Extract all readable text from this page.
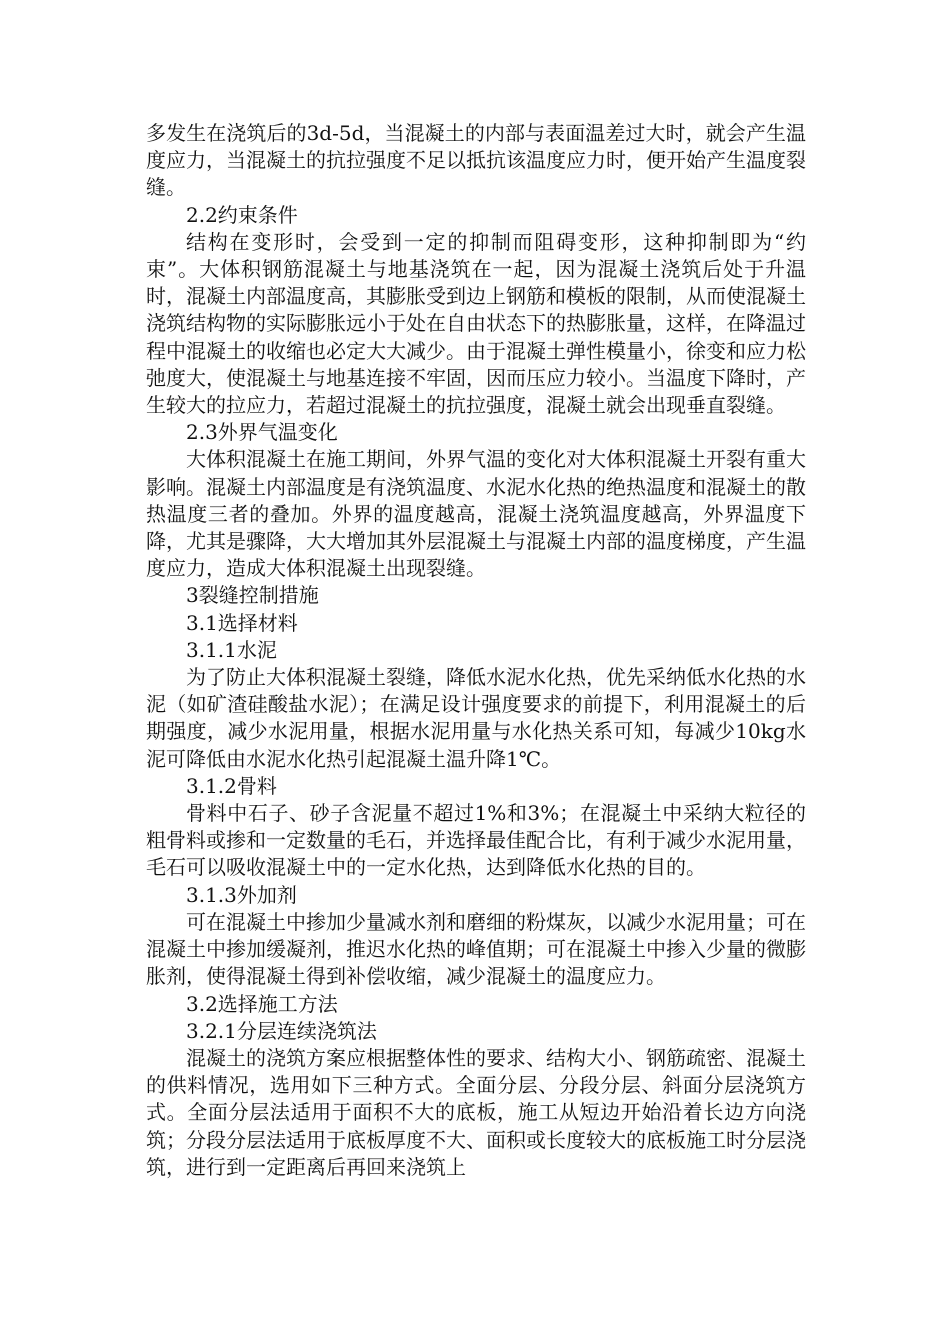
多发生在浇筑后的3d-5d，当混凝土的内部与表面温差过大时，就会产生温度应力，当混凝土的抗拉强度不足以抵抗该温度应力时，便开始产生温度裂缝。

2.2约束条件

结构在变形时，会受到一定的抑制而阻碍变形，这种抑制即为“约束”。大体积钢筋混凝土与地基浇筑在一起，因为混凝土浇筑后处于升温时，混凝土内部温度高，其膨胀受到边上钢筋和模板的限制，从而使混凝土浇筑结构物的实际膨胀远小于处在自由状态下的热膨胀量，这样，在降温过程中混凝土的收缩也必定大大减少。由于混凝土弹性模量小，徐变和应力松弛度大，使混凝土与地基连接不牢固，因而压应力较小。当温度下降时，产生较大的拉应力，若超过混凝土的抗拉强度，混凝土就会出现垂直裂缝。

2.3外界气温变化

大体积混凝土在施工期间，外界气温的变化对大体积混凝土开裂有重大影响。混凝土内部温度是有浇筑温度、水泥水化热的绝热温度和混凝土的散热温度三者的叠加。外界的温度越高，混凝土浇筑温度越高，外界温度下降，尤其是骤降，大大增加其外层混凝土与混凝土内部的温度梯度，产生温度应力，造成大体积混凝土出现裂缝。

3裂缝控制措施

3.1选择材料

3.1.1水泥

为了防止大体积混凝土裂缝，降低水泥水化热，优先采纳低水化热的水泥（如矿渣硅酸盐水泥）；在满足设计强度要求的前提下，利用混凝土的后期强度，减少水泥用量，根据水泥用量与水化热关系可知，每减少10kg水泥可降低由水泥水化热引起混凝土温升降1℃。

3.1.2骨料

骨料中石子、砂子含泥量不超过1%和3%；在混凝土中采纳大粒径的粗骨料或掺和一定数量的毛石，并选择最佳配合比，有利于减少水泥用量，毛石可以吸收混凝土中的一定水化热，达到降低水化热的目的。

3.1.3外加剂

可在混凝土中掺加少量减水剂和磨细的粉煤灰，以减少水泥用量；可在混凝土中掺加缓凝剂，推迟水化热的峰值期；可在混凝土中掺入少量的微膨胀剂，使得混凝土得到补偿收缩，减少混凝土的温度应力。

3.2选择施工方法

3.2.1分层连续浇筑法

混凝土的浇筑方案应根据整体性的要求、结构大小、钢筋疏密、混凝土的供料情况，选用如下三种方式。全面分层、分段分层、斜面分层浇筑方式。全面分层法适用于面积不大的底板，施工从短边开始沿着长边方向浇筑；分段分层法适用于底板厚度不大、面积或长度较大的底板施工时分层浇筑，进行到一定距离后再回来浇筑上
